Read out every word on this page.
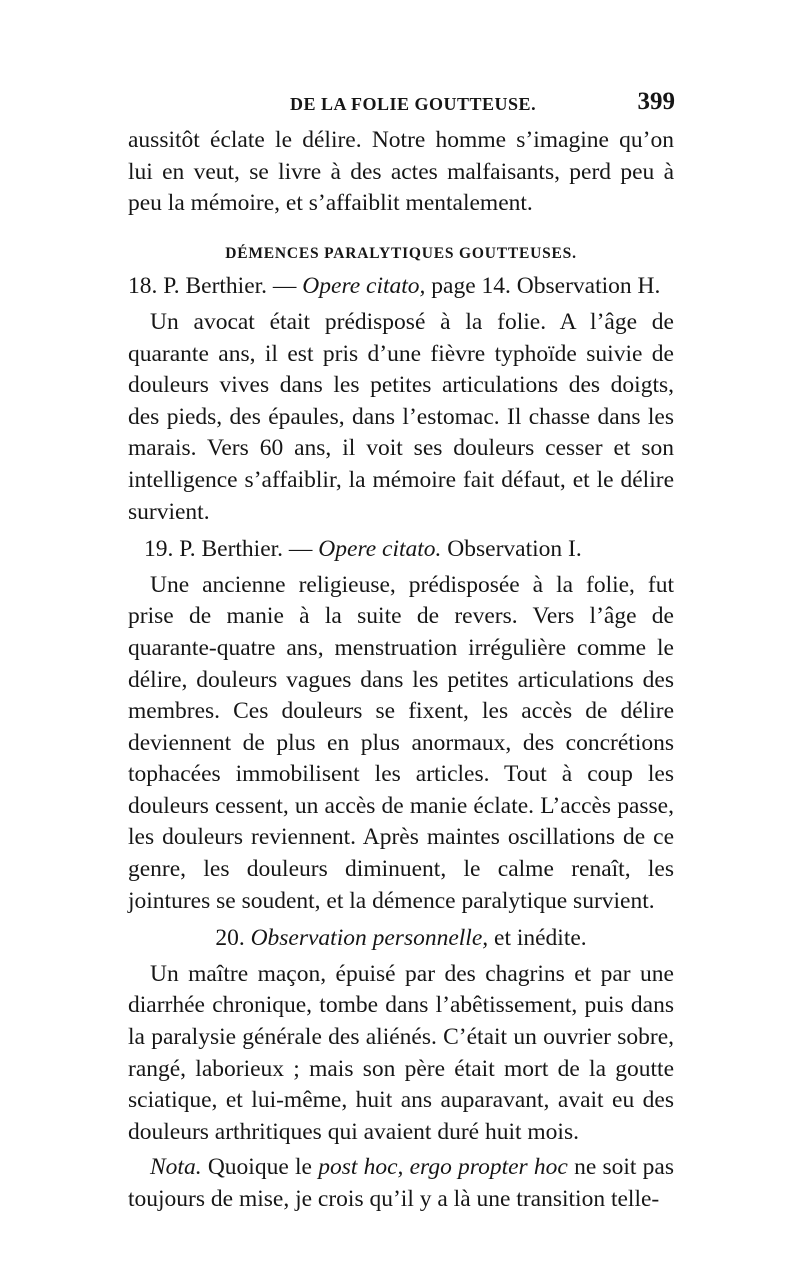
DE LA FOLIE GOUTTEUSE.	399

aussitôt éclate le délire. Notre homme s’imagine qu’on lui en veut, se livre à des actes malfaisants, perd peu à peu la mémoire, et s’affaiblit mentalement.

DÉMENCES PARALYTIQUES GOUTTEUSES.

18. P. Berthier. — Opere citato, page 14. Observation H.

Un avocat était prédisposé à la folie. A l’âge de quarante ans, il est pris d’une fièvre typhoïde suivie de douleurs vives dans les petites articulations des doigts, des pieds, des épaules, dans l’estomac. Il chasse dans les marais. Vers 60 ans, il voit ses douleurs cesser et son intelligence s’affaiblir, la mémoire fait défaut, et le délire survient.

19. P. Berthier. — Opere citato. Observation I.

Une ancienne religieuse, prédisposée à la folie, fut prise de manie à la suite de revers. Vers l’âge de quarante-quatre ans, menstruation irrégulière comme le délire, douleurs vagues dans les petites articulations des membres. Ces douleurs se fixent, les accès de délire deviennent de plus en plus anormaux, des concrétions tophacées immobilisent les articles. Tout à coup les douleurs cessent, un accès de manie éclate. L’accès passe, les douleurs reviennent. Après maintes oscillations de ce genre, les douleurs diminuent, le calme renaît, les jointures se soudent, et la démence paralytique survient.

20. Observation personnelle, et inédite.

Un maître maçon, épuisé par des chagrins et par une diarrhée chronique, tombe dans l’abêtissement, puis dans la paralysie générale des aliénés. C’était un ouvrier sobre, rangé, laborieux ; mais son père était mort de la goutte sciatique, et lui-même, huit ans auparavant, avait eu des douleurs arthritiques qui avaient duré huit mois.

Nota. Quoique le post hoc, ergo propter hoc ne soit pas toujours de mise, je crois qu’il y a là une transition telle-
